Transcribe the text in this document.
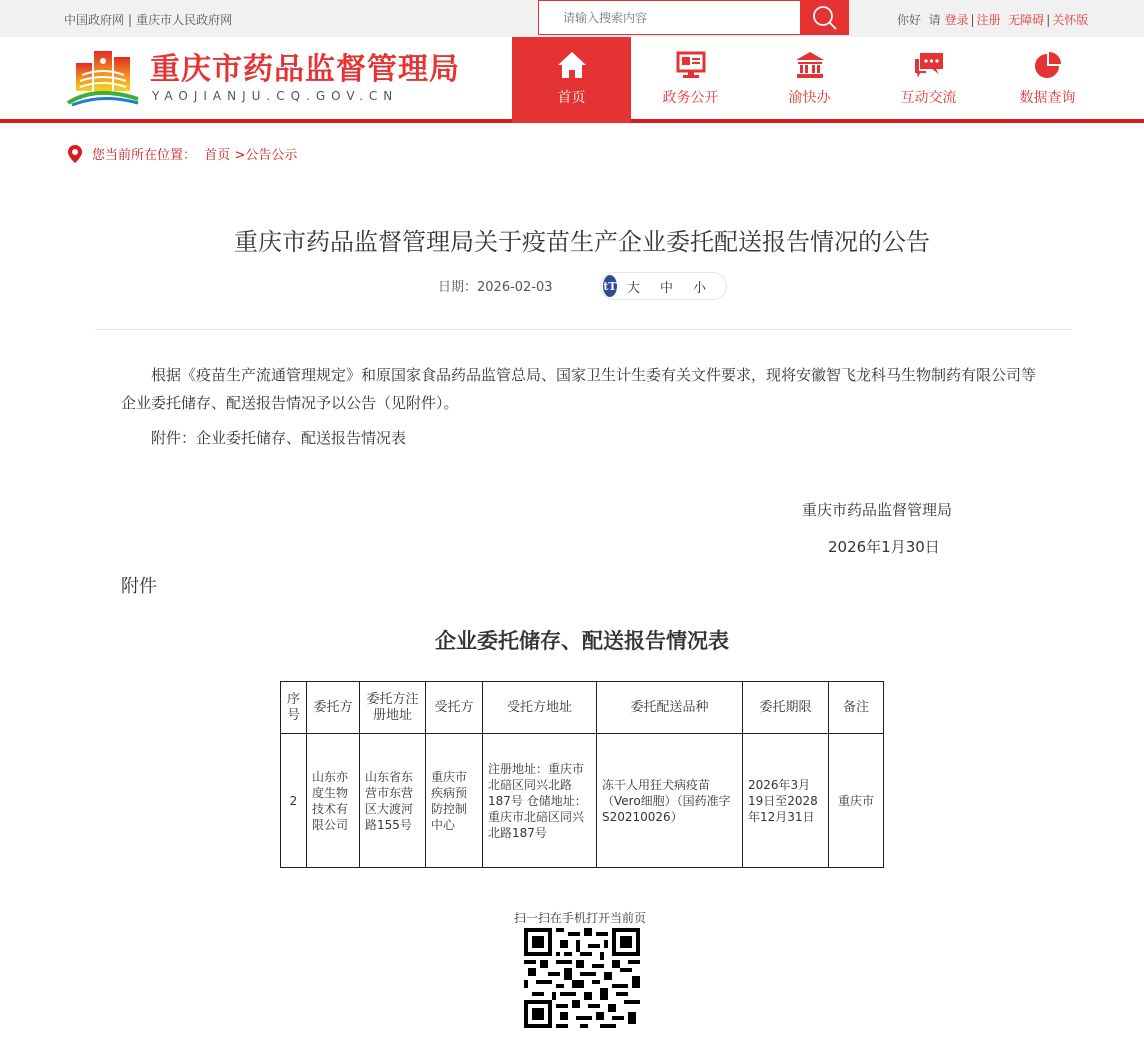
中国政府网 | 重庆市人民政府网
请输入搜索内容	你好 请 登录 | 注册 无障碍 | 关怀版
重庆市药品监督管理局
YAOJIANJU.CQ.GOV.CN	首页	政务公开	渝快办	互动交流	数据查询
您当前所在位置：
首页
>公告公示
重庆市药品监督管理局关于疫苗生产企业委托配送报告情况的公告
日期：2026-02-03	tT 大 中 小
根据《疫苗生产流通管理规定》和原国家食品药品监管总局、国家卫生计生委有关文件要求，现将安徽智飞龙科马生物制药有限公司等企业委托储存、配送报告情况予以公告（见附件）。
附件：企业委托储存、配送报告情况表
重庆市药品监督管理局
2026年1月30日
附件
企业委托储存、配送报告情况表
序号	委托方	委托方注册地址	受托方	受托方地址	委托配送品种	委托期限	备注
2	山东亦度生物技术有限公司	山东省东营市东营区大渡河路155号	重庆市疾病预防控制中心	注册地址：重庆市北碚区同兴北路187号 仓储地址：重庆市北碚区同兴北路187号	冻干人用狂犬病疫苗（Vero细胞）（国药准字S20210026）	2026年3月19日至2028年12月31日	重庆市
扫一扫在手机打开当前页
